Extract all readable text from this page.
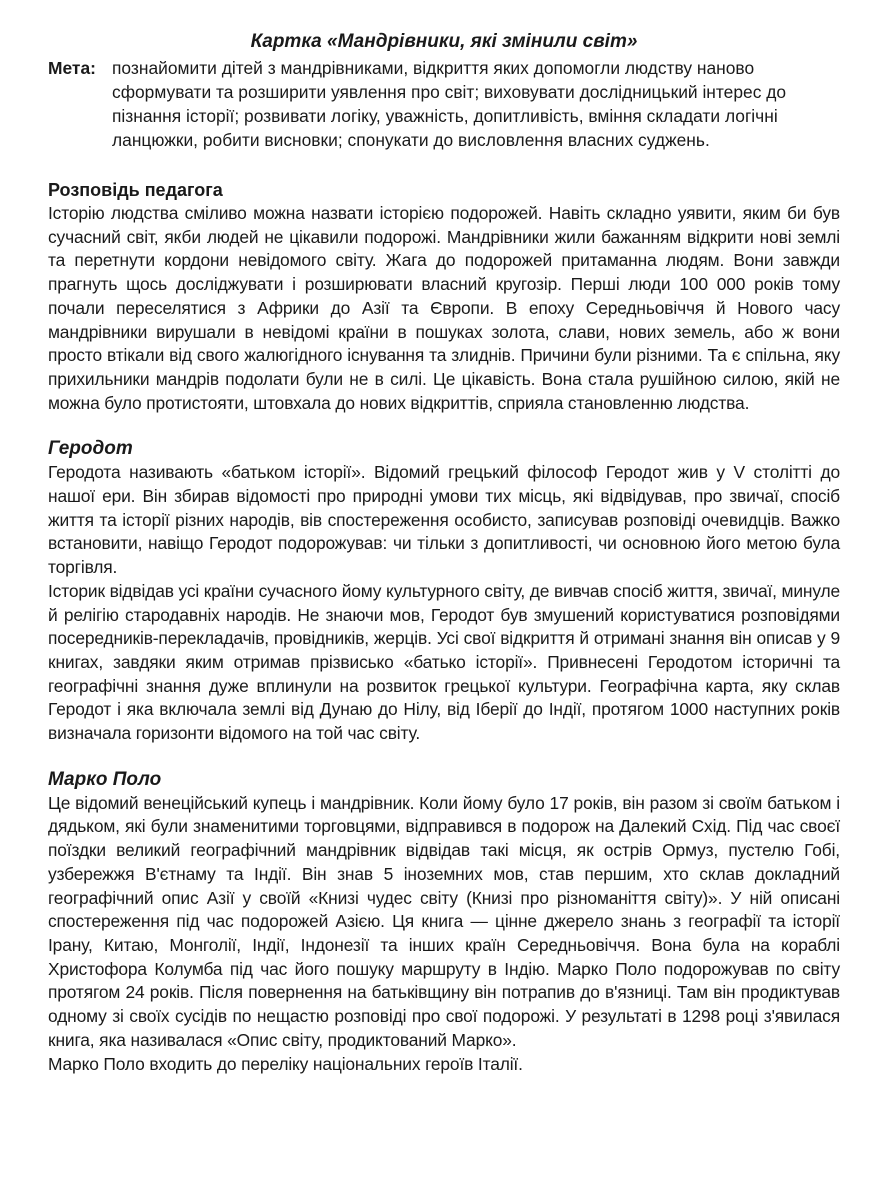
Картка «Мандрівники, які змінили світ»
Мета: познайомити дітей з мандрівниками, відкриття яких допомогли людству наново сформувати та розширити уявлення про світ; виховувати дослідницький інтерес до пізнання історії; розвивати логіку, уважність, допитливість, вміння складати логічні ланцюжки, робити висновки; спонукати до висловлення власних суджень.
Розповідь педагога

Історію людства сміливо можна назвати історією подорожей. Навіть складно уявити, яким би був сучасний світ, якби людей не цікавили подорожі. Мандрівники жили бажанням відкрити нові землі та перетнути кордони невідомого світу. Жага до подорожей притаманна людям. Вони завжди прагнуть щось досліджувати і розширювати власний кругозір. Перші люди 100 000 років тому почали переселятися з Африки до Азії та Європи. В епоху Середньовіччя й Нового часу мандрівники вирушали в невідомі країни в пошуках золота, слави, нових земель, або ж вони просто втікали від свого жалюгідного існування та злиднів. Причини були різними. Та є спільна, яку прихильники мандрів подолати були не в силі. Це цікавість. Вона стала рушійною силою, якій не можна було протистояти, штовхала до нових відкриттів, сприяла становленню людства.

Геродот

Геродота називають «батьком історії». Відомий грецький філософ Геродот жив у V столітті до нашої ери. Він збирав відомості про природні умови тих місць, які відвідував, про звичаї, спосіб життя та історії різних народів, вів спостереження особисто, записував розповіді очевидців. Важко встановити, навіщо Геродот подорожував: чи тільки з допитливості, чи основною його метою була торгівля.

Історик відвідав усі країни сучасного йому культурного світу, де вивчав спосіб життя, звичаї, минуле й релігію стародавніх народів. Не знаючи мов, Геродот був змушений користуватися розповідями посередників-перекладачів, провідників, жерців. Усі свої відкриття й отримані знання він описав у 9 книгах, завдяки яким отримав прізвисько «батько історії». Привнесені Геродотом історичні та географічні знання дуже вплинули на розвиток грецької культури. Географічна карта, яку склав Геродот і яка включала землі від Дунаю до Нілу, від Іберії до Індії, протягом 1000 наступних років визначала горизонти відомого на той час світу.

Марко Поло

Це відомий венеційський купець і мандрівник. Коли йому було 17 років, він разом зі своїм батьком і дядьком, які були знаменитими торговцями, відправився в подорож на Далекий Схід. Під час своєї поїздки великий географічний мандрівник відвідав такі місця, як острів Ормуз, пустелю Гобі, узбережжя В'єтнаму та Індії. Він знав 5 іноземних мов, став першим, хто склав докладний географічний опис Азії у своїй «Книзі чудес світу (Книзі про різноманіття світу)». У ній описані спостереження під час подорожей Азією. Ця книга — цінне джерело знань з географії та історії Ірану, Китаю, Монголії, Індії, Індонезії та інших країн Середньовіччя. Вона була на кораблі Христофора Колумба під час його пошуку маршруту в Індію. Марко Поло подорожував по світу протягом 24 років. Після повернення на батьківщину він потрапив до в'язниці. Там він продиктував одному зі своїх сусідів по нещастю розповіді про свої подорожі. У результаті в 1298 році з'явилася книга, яка називалася «Опис світу, продиктований Марко».

Марко Поло входить до переліку національних героїв Італії.
